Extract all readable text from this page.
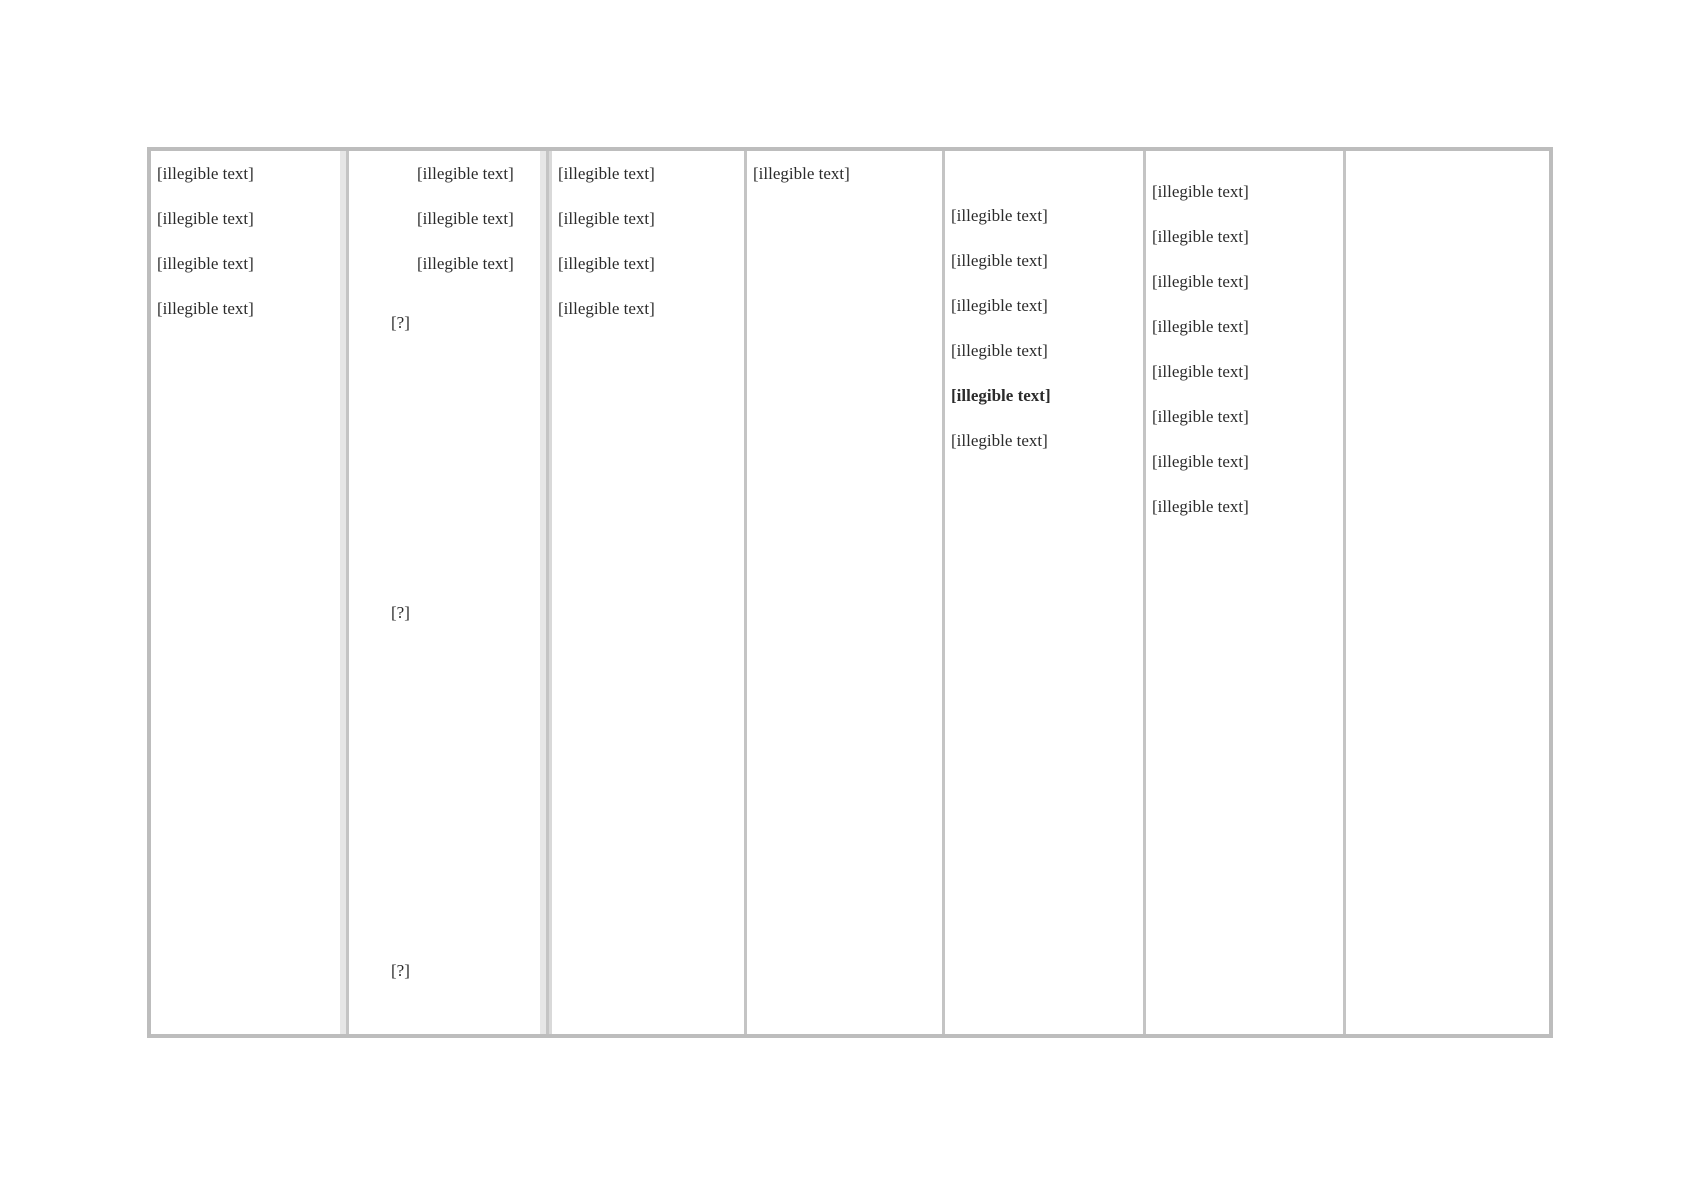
[illegible text]

[illegible text]

[illegible text]

[illegible text]

[?]
[?]
[?]

[illegible text]

[illegible text]

[illegible text]

[illegible text]

[illegible text]

[illegible text]

[illegible text]

[illegible text]

[illegible text]

[illegible text]

[illegible text]

[illegible text]

[illegible text]

[illegible text]

[illegible text]

[illegible text]

[illegible text]

[illegible text]

[illegible text]

[illegible text]

[illegible text]

[illegible text]
